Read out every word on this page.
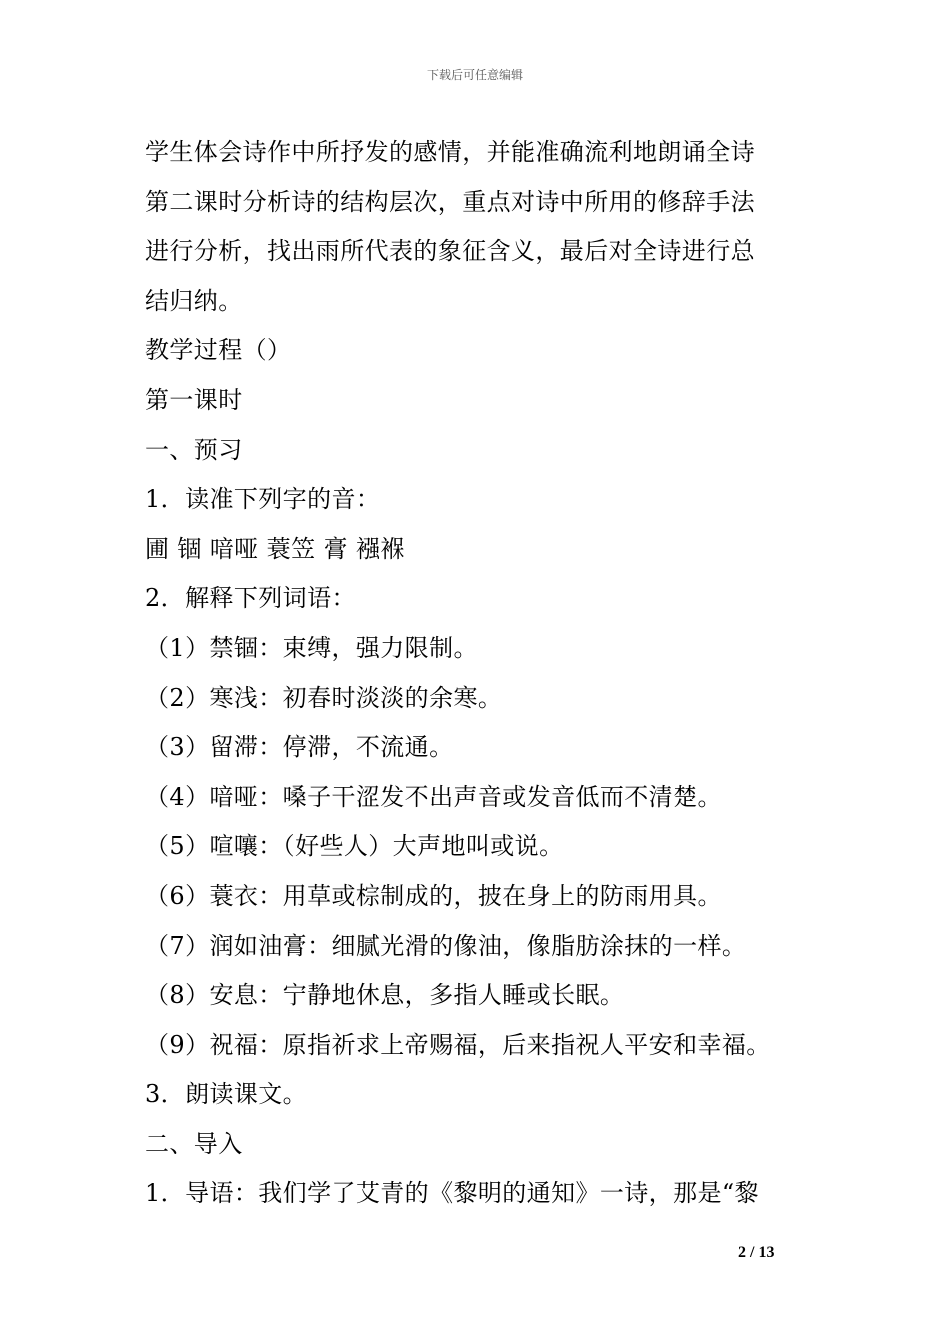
下载后可任意编辑
学生体会诗作中所抒发的感情，并能准确流利地朗诵全诗
第二课时分析诗的结构层次，重点对诗中所用的修辞手法
进行分析，找出雨所代表的象征含义，最后对全诗进行总
结归纳。
教学过程（）
第一课时
一、预习
1．读准下列字的音：
圃 锢 喑哑 蓑笠 膏 襁褓
2．解释下列词语：
（1）禁锢：束缚，强力限制。
（2）寒浅：初春时淡淡的余寒。
（3）留滞：停滞，不流通。
（4）喑哑：嗓子干涩发不出声音或发音低而不清楚。
（5）喧嚷：（好些人）大声地叫或说。
（6）蓑衣：用草或棕制成的，披在身上的防雨用具。
（7）润如油膏：细腻光滑的像油，像脂肪涂抹的一样。
（8）安息：宁静地休息，多指人睡或长眠。
（9）祝福：原指祈求上帝赐福，后来指祝人平安和幸福。
3．朗读课文。
二、导入
1．导语：我们学了艾青的《黎明的通知》一诗，那是“黎
2 / 13
